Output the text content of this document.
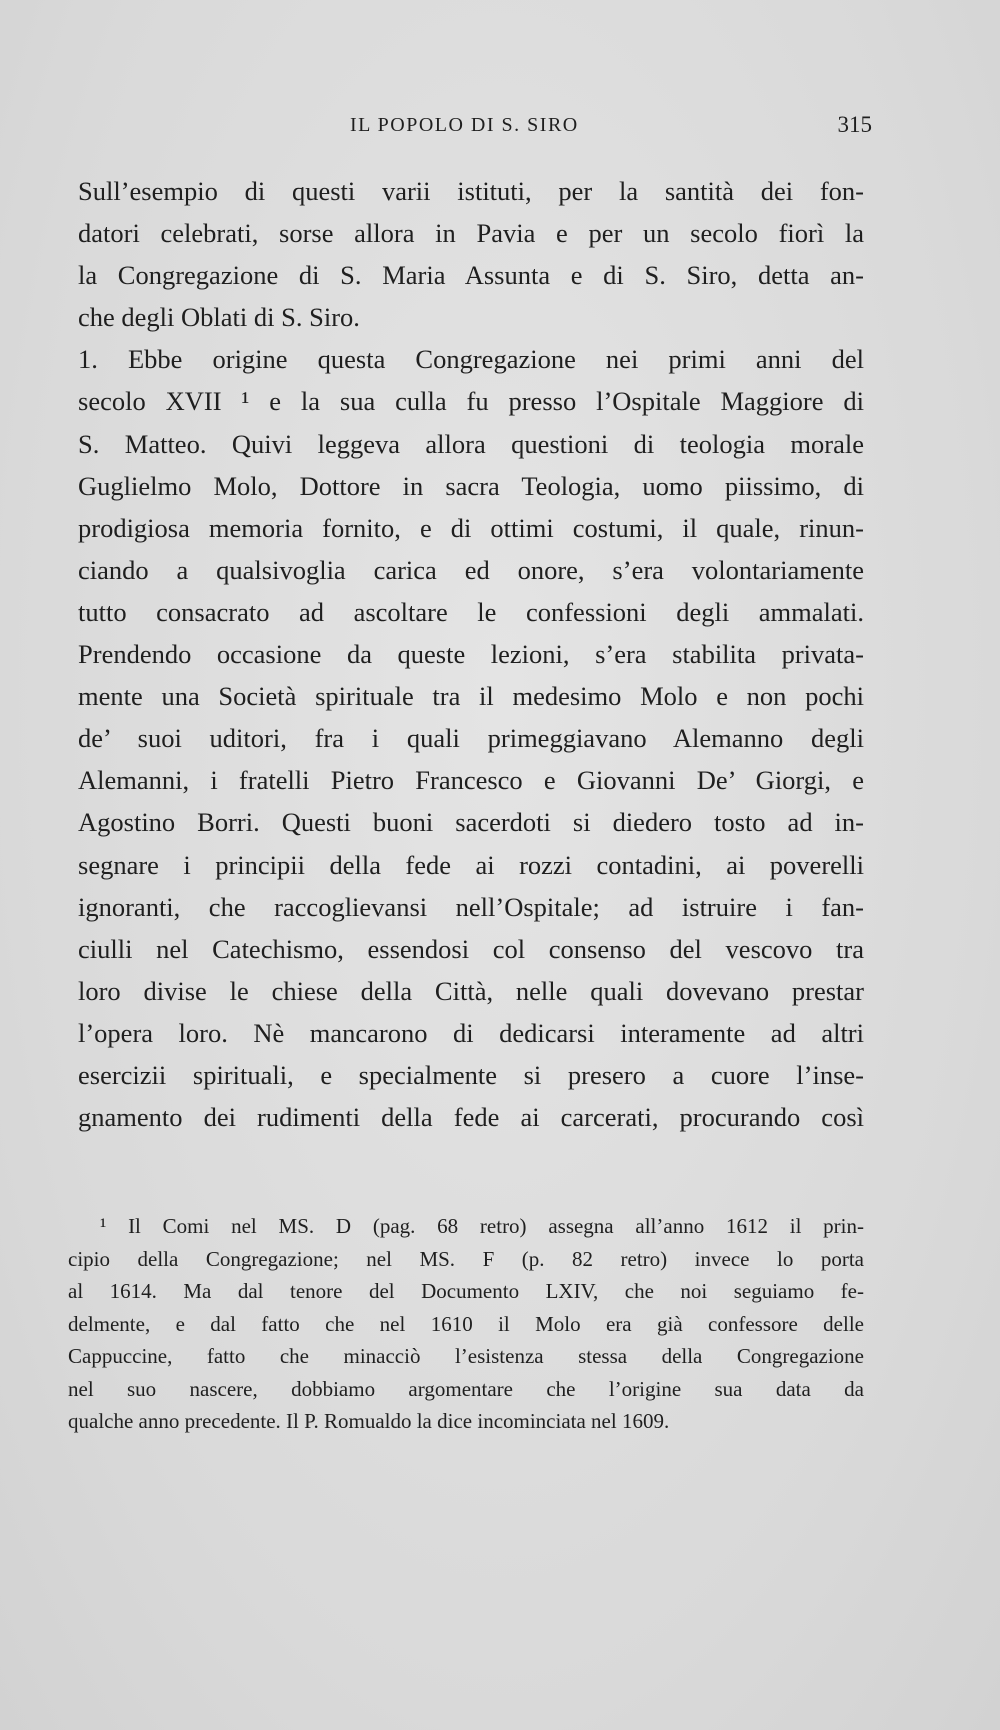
IL POPOLO DI S. SIRO	315
Sull’esempio di questi varii istituti, per la santità dei fon-
datori celebrati, sorse allora in Pavia e per un secolo fiorì la
la Congregazione di S. Maria Assunta e di S. Siro, detta an-
che degli Oblati di S. Siro.
1. Ebbe origine questa Congregazione nei primi anni del
secolo XVII ¹ e la sua culla fu presso l’Ospitale Maggiore di
S. Matteo. Quivi leggeva allora questioni di teologia morale
Guglielmo Molo, Dottore in sacra Teologia, uomo piissimo, di
prodigiosa memoria fornito, e di ottimi costumi, il quale, rinun-
ciando a qualsivoglia carica ed onore, s’era volontariamente
tutto consacrato ad ascoltare le confessioni degli ammalati.
Prendendo occasione da queste lezioni, s’era stabilita privata-
mente una Società spirituale tra il medesimo Molo e non pochi
de’ suoi uditori, fra i quali primeggiavano Alemanno degli
Alemanni, i fratelli Pietro Francesco e Giovanni De’ Giorgi, e
Agostino Borri. Questi buoni sacerdoti si diedero tosto ad in-
segnare i principii della fede ai rozzi contadini, ai poverelli
ignoranti, che raccoglievansi nell’Ospitale; ad istruire i fan-
ciulli nel Catechismo, essendosi col consenso del vescovo tra
loro divise le chiese della Città, nelle quali dovevano prestar
l’opera loro. Nè mancarono di dedicarsi interamente ad altri
esercizii spirituali, e specialmente si presero a cuore l’inse-
gnamento dei rudimenti della fede ai carcerati, procurando così
¹ Il Comi nel MS. D (pag. 68 retro) assegna all’anno 1612 il prin-
cipio della Congregazione; nel MS. F (p. 82 retro) invece lo porta
al 1614. Ma dal tenore del Documento LXIV, che noi seguiamo fe-
delmente, e dal fatto che nel 1610 il Molo era già confessore delle
Cappuccine, fatto che minacciò l’esistenza stessa della Congregazione
nel suo nascere, dobbiamo argomentare che l’origine sua data da
qualche anno precedente. Il P. Romualdo la dice incominciata nel 1609.
